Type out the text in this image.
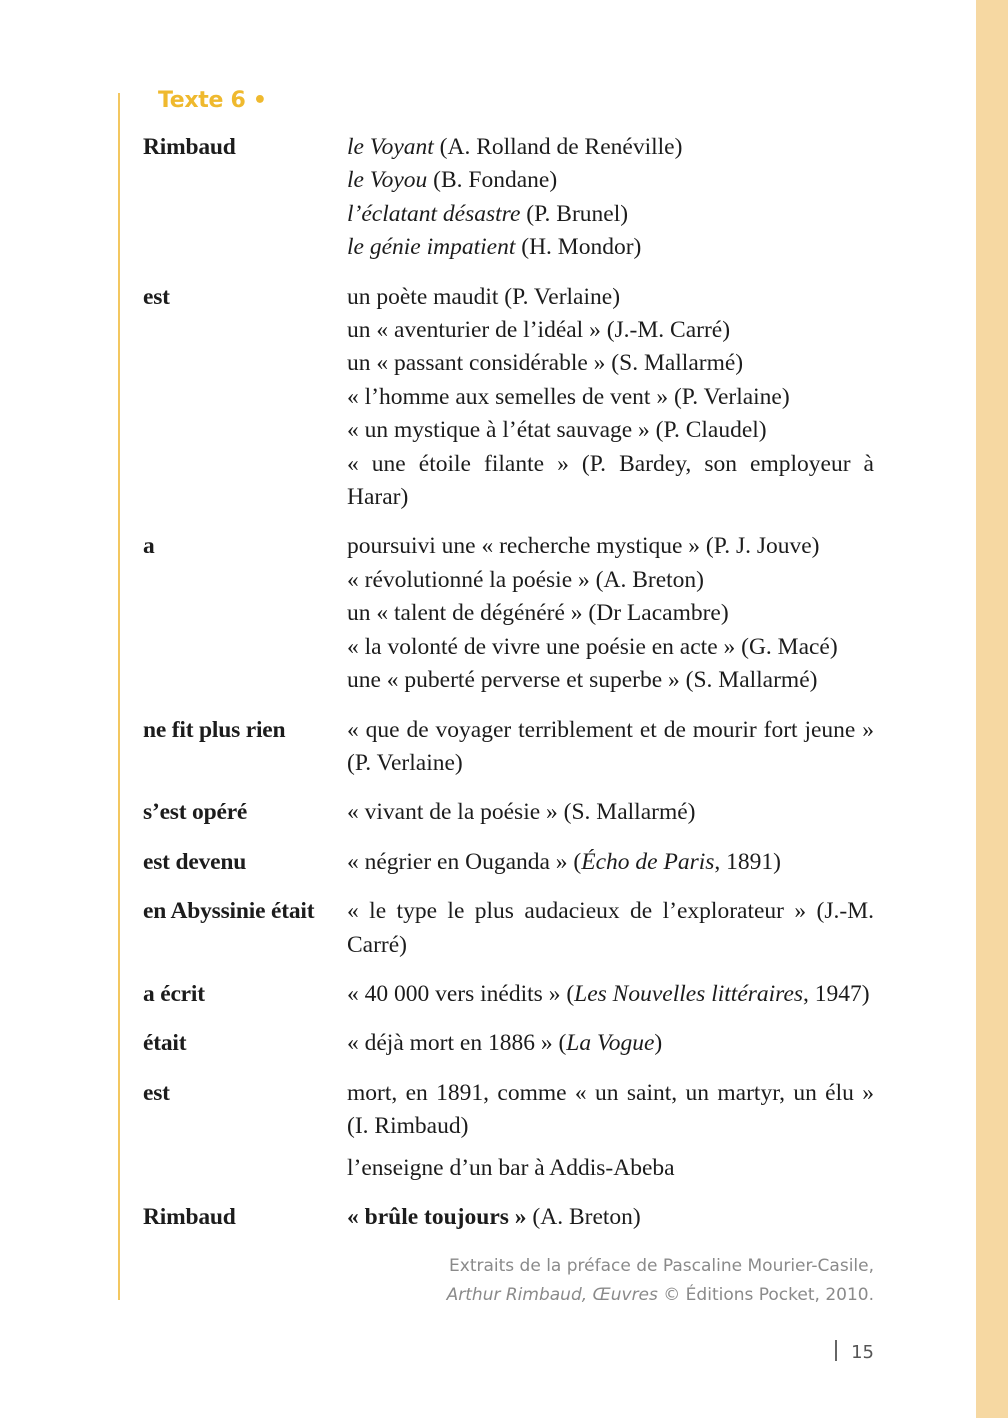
Texte 6 •
Rimbaud	le Voyant (A. Rolland de Renéville)
le Voyou (B. Fondane)
l’éclatant désastre (P. Brunel)
le génie impatient (H. Mondor)
est	un poète maudit (P. Verlaine)
un « aventurier de l’idéal » (J.-M. Carré)
un « passant considérable » (S. Mallarmé)
« l’homme aux semelles de vent » (P. Verlaine)
« un mystique à l’état sauvage » (P. Claudel)
« une étoile filante » (P. Bardey, son employeur à Harar)
a	poursuivi une « recherche mystique » (P. J. Jouve)
« révolutionné la poésie » (A. Breton)
un « talent de dégénéré » (Dr Lacambre)
« la volonté de vivre une poésie en acte » (G. Macé)
une « puberté perverse et superbe » (S. Mallarmé)
ne fit plus rien	« que de voyager terriblement et de mourir fort jeune » (P. Verlaine)
s’est opéré	« vivant de la poésie » (S. Mallarmé)
est devenu	« négrier en Ouganda » (Écho de Paris, 1891)
en Abyssinie était	« le type le plus audacieux de l’explorateur » (J.-M. Carré)
a écrit	« 40 000 vers inédits » (Les Nouvelles littéraires, 1947)
était	« déjà mort en 1886 » (La Vogue)
est	mort, en 1891, comme « un saint, un martyr, un élu » (I. Rimbaud)
l’enseigne d’un bar à Addis-Abeba
Rimbaud	« brûle toujours » (A. Breton)
Extraits de la préface de Pascaline Mourier-Casile,
Arthur Rimbaud, Œuvres © Éditions Pocket, 2010.
15
